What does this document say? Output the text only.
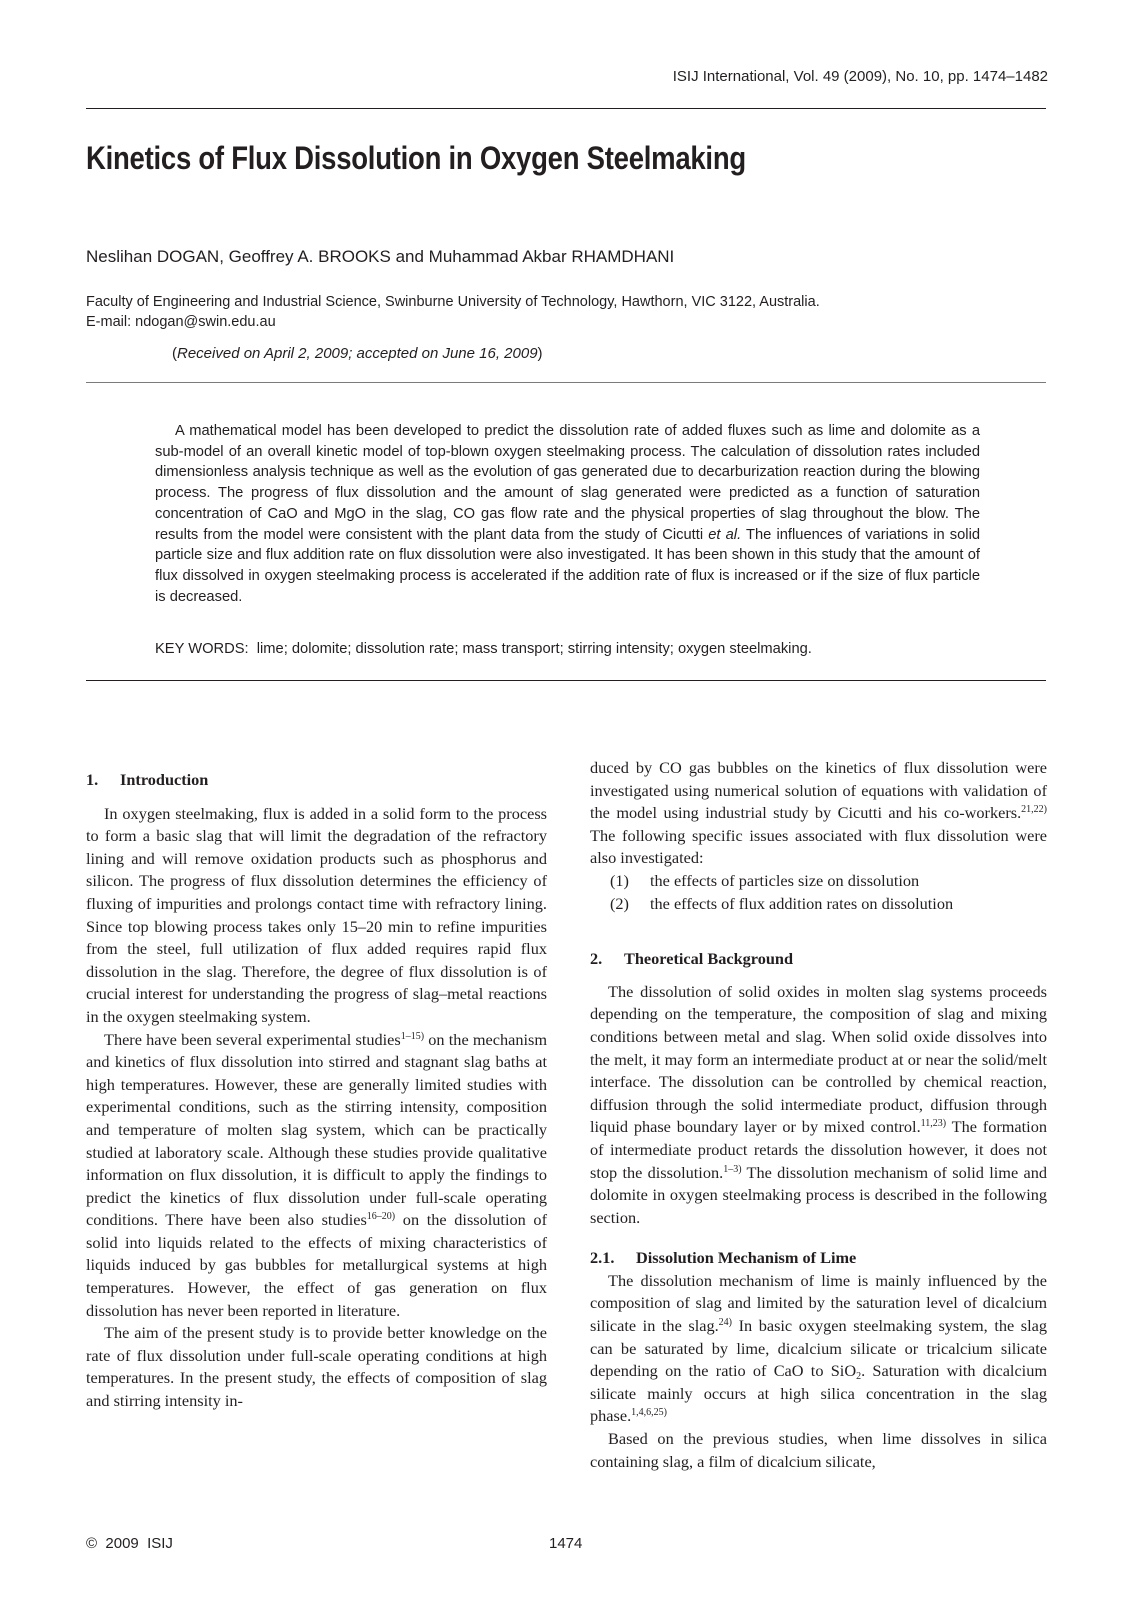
ISIJ International, Vol. 49 (2009), No. 10, pp. 1474–1482
Kinetics of Flux Dissolution in Oxygen Steelmaking
Neslihan DOGAN, Geoffrey A. BROOKS and Muhammad Akbar RHAMDHANI
Faculty of Engineering and Industrial Science, Swinburne University of Technology, Hawthorn, VIC 3122, Australia.
E-mail: ndogan@swin.edu.au
(Received on April 2, 2009; accepted on June 16, 2009)

A mathematical model has been developed to predict the dissolution rate of added fluxes such as lime and dolomite as a sub-model of an overall kinetic model of top-blown oxygen steelmaking process. The calculation of dissolution rates included dimensionless analysis technique as well as the evolution of gas generated due to decarburization reaction during the blowing process. The progress of flux dissolution and the amount of slag generated were predicted as a function of saturation concentration of CaO and MgO in the slag, CO gas flow rate and the physical properties of slag throughout the blow. The results from the model were consistent with the plant data from the study of Cicutti et al. The influences of variations in solid particle size and flux addition rate on flux dissolution were also investigated. It has been shown in this study that the amount of flux dissolved in oxygen steelmaking process is accelerated if the addition rate of flux is increased or if the size of flux particle is decreased.

KEY WORDS: lime; dolomite; dissolution rate; mass transport; stirring intensity; oxygen steelmaking.
1. Introduction

In oxygen steelmaking, flux is added in a solid form to the process to form a basic slag that will limit the degradation of the refractory lining and will remove oxidation products such as phosphorus and silicon. The progress of flux dissolution determines the efficiency of fluxing of impurities and prolongs contact time with refractory lining. Since top blowing process takes only 15–20 min to refine impurities from the steel, full utilization of flux added requires rapid flux dissolution in the slag. Therefore, the degree of flux dissolution is of crucial interest for understanding the progress of slag–metal reactions in the oxygen steelmaking system.

There have been several experimental studies$^{1-15)}$ on the mechanism and kinetics of flux dissolution into stirred and stagnant slag baths at high temperatures. However, these are generally limited studies with experimental conditions, such as the stirring intensity, composition and temperature of molten slag system, which can be practically studied at laboratory scale. Although these studies provide qualitative information on flux dissolution, it is difficult to apply the findings to predict the kinetics of flux dissolution under full-scale operating conditions. There have been also studies$^{16-20)}$ on the dissolution of solid into liquids related to the effects of mixing characteristics of liquids induced by gas bubbles for metallurgical systems at high temperatures. However, the effect of gas generation on flux dissolution has never been reported in literature.

The aim of the present study is to provide better knowledge on the rate of flux dissolution under full-scale operating conditions at high temperatures. In the present study, the effects of composition of slag and stirring intensity in-

duced by CO gas bubbles on the kinetics of flux dissolution were investigated using numerical solution of equations with validation of the model using industrial study by Cicutti and his co-workers.$^{21,22)}$ The following specific issues associated with flux dissolution were also investigated:

(1)	the effects of particles size on dissolution
(2)	the effects of flux addition rates on dissolution
2. Theoretical Background

The dissolution of solid oxides in molten slag systems proceeds depending on the temperature, the composition of slag and mixing conditions between metal and slag. When solid oxide dissolves into the melt, it may form an intermediate product at or near the solid/melt interface. The dissolution can be controlled by chemical reaction, diffusion through the solid intermediate product, diffusion through liquid phase boundary layer or by mixed control.$^{11,23)}$ The formation of intermediate product retards the dissolution however, it does not stop the dissolution.$^{1-3)}$ The dissolution mechanism of solid lime and dolomite in oxygen steelmaking process is described in the following section.

2.1. Dissolution Mechanism of Lime

The dissolution mechanism of lime is mainly influenced by the composition of slag and limited by the saturation level of dicalcium silicate in the slag.$^{24)}$ In basic oxygen steelmaking system, the slag can be saturated by lime, dicalcium silicate or tricalcium silicate depending on the ratio of CaO to SiO$_2$. Saturation with dicalcium silicate mainly occurs at high silica concentration in the slag phase.$^{1,4,6,25)}$

Based on the previous studies, when lime dissolves in silica containing slag, a film of dicalcium silicate,

©  2009  ISIJ	1474
